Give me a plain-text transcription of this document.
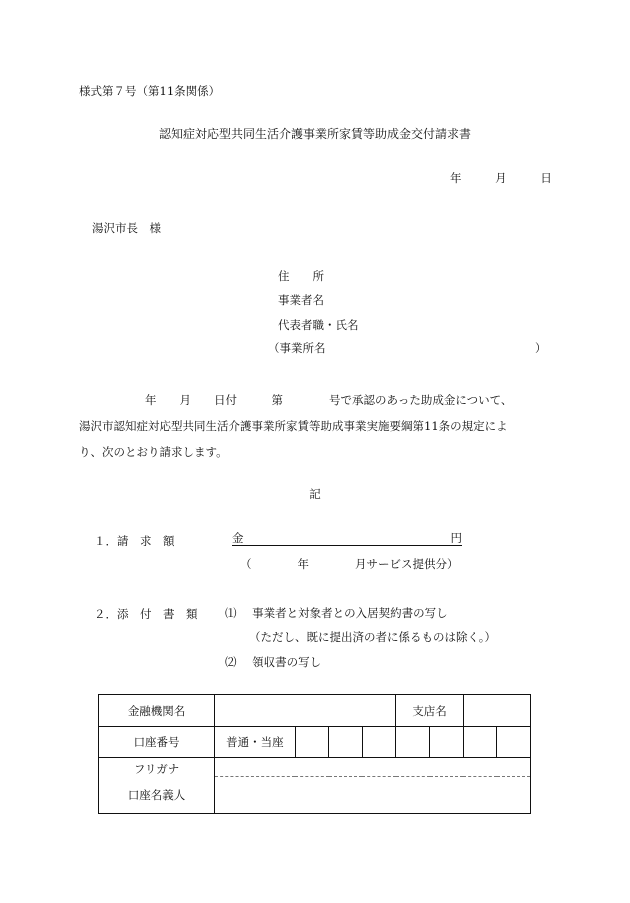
様式第７号（第11条関係）
認知症対応型共同生活介護事業所家賃等助成金交付請求書
年	月	日
湯沢市長　様
住　　所
事業者名
代表者職・氏名
（事業所名	）
年　　月　　日付　　　第　　　　号で承認のあった助成金について、
湯沢市認知症対応型共同生活介護事業所家賃等助成事業実施要綱第11条の規定によ
り、次のとおり請求します。
記
１．請　求　額	金	円
（　　　　年　　　　月サービス提供分）
２．添　付　書　類 ⑴ 事業者と対象者との入居契約書の写し
（ただし、既に提出済の者に係るものは除く。）
⑵ 領収書の写し
金融機関名					支店名			
口座番号	普通・当座							
フリガナ								
口座名義人								
